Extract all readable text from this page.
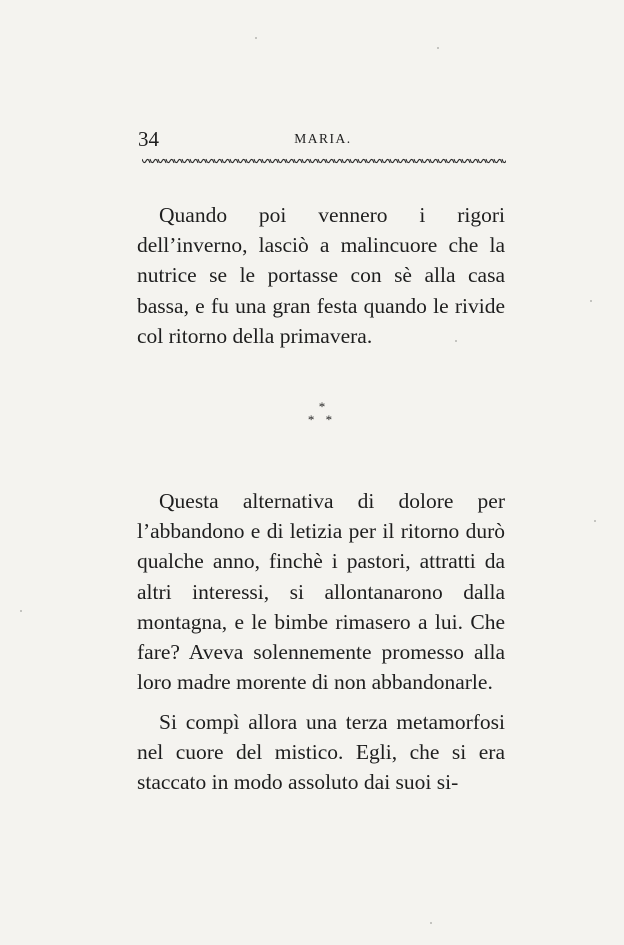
34	MARIA.

Quando poi vennero i rigori dell’inverno, lasciò a malincuore che la nutrice se le portasse con sè alla casa bassa, e fu una gran festa quando le rivide col ritorno della primavera.

*
* *

Questa alternativa di dolore per l’abbandono e di letizia per il ritorno durò qualche anno, finchè i pastori, attratti da altri interessi, si allontanarono dalla montagna, e le bimbe rimasero a lui. Che fare? Aveva solennemente promesso alla loro madre morente di non abbandonarle.

Si compì allora una terza metamorfosi nel cuore del mistico. Egli, che si era staccato in modo assoluto dai suoi si-
